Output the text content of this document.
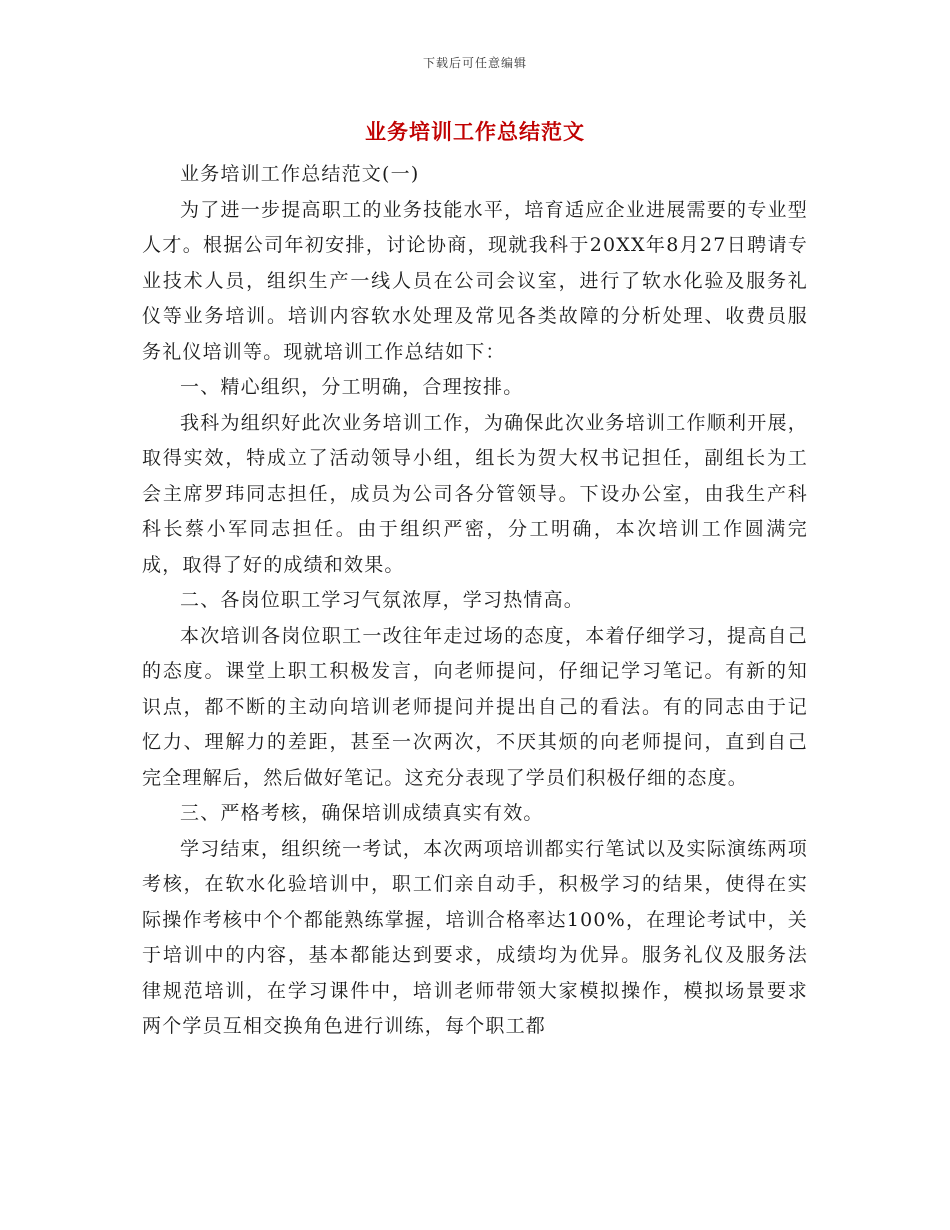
下载后可任意编辑
业务培训工作总结范文

业务培训工作总结范文(一)

为了进一步提高职工的业务技能水平，培育适应企业进展需要的专业型人才。根据公司年初安排，讨论协商，现就我科于20XX年8月27日聘请专业技术人员，组织生产一线人员在公司会议室，进行了软水化验及服务礼仪等业务培训。培训内容软水处理及常见各类故障的分析处理、收费员服务礼仪培训等。现就培训工作总结如下：

一、精心组织，分工明确，合理按排。

我科为组织好此次业务培训工作，为确保此次业务培训工作顺利开展，取得实效，特成立了活动领导小组，组长为贺大权书记担任，副组长为工会主席罗玮同志担任，成员为公司各分管领导。下设办公室，由我生产科科长蔡小军同志担任。由于组织严密，分工明确，本次培训工作圆满完成，取得了好的成绩和效果。

二、各岗位职工学习气氛浓厚，学习热情高。

本次培训各岗位职工一改往年走过场的态度，本着仔细学习，提高自己的态度。课堂上职工积极发言，向老师提问，仔细记学习笔记。有新的知识点，都不断的主动向培训老师提问并提出自己的看法。有的同志由于记忆力、理解力的差距，甚至一次两次，不厌其烦的向老师提问，直到自己完全理解后，然后做好笔记。这充分表现了学员们积极仔细的态度。

三、严格考核，确保培训成绩真实有效。

学习结束，组织统一考试，本次两项培训都实行笔试以及实际演练两项考核，在软水化验培训中，职工们亲自动手，积极学习的结果，使得在实际操作考核中个个都能熟练掌握，培训合格率达100%，在理论考试中，关于培训中的内容，基本都能达到要求，成绩均为优异。服务礼仪及服务法律规范培训，在学习课件中，培训老师带领大家模拟操作，模拟场景要求两个学员互相交换角色进行训练，每个职工都
